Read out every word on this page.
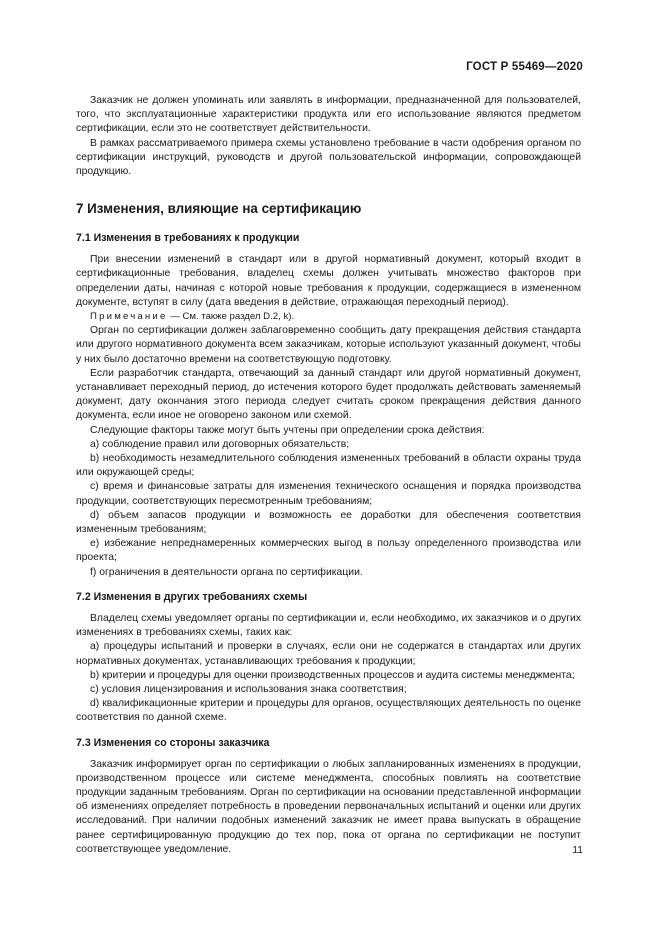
ГОСТ Р 55469—2020

Заказчик не должен упоминать или заявлять в информации, предназначенной для пользователей, того, что эксплуатационные характеристики продукта или его использование являются предметом сертификации, если это не соответствует действительности.

В рамках рассматриваемого примера схемы установлено требование в части одобрения органом по сертификации инструкций, руководств и другой пользовательской информации, сопровождающей продукцию.

7 Изменения, влияющие на сертификацию
7.1 Изменения в требованиях к продукции

При внесении изменений в стандарт или в другой нормативный документ, который входит в сертификационные требования, владелец схемы должен учитывать множество факторов при определении даты, начиная с которой новые требования к продукции, содержащиеся в измененном документе, вступят в силу (дата введения в действие, отражающая переходный период).

Примечание — См. также раздел D.2, k).

Орган по сертификации должен заблаговременно сообщить дату прекращения действия стандарта или другого нормативного документа всем заказчикам, которые используют указанный документ, чтобы у них было достаточно времени на соответствующую подготовку.

Если разработчик стандарта, отвечающий за данный стандарт или другой нормативный документ, устанавливает переходный период, до истечения которого будет продолжать действовать заменяемый документ, дату окончания этого периода следует считать сроком прекращения действия данного документа, если иное не оговорено законом или схемой.

Следующие факторы также могут быть учтены при определении срока действия:

a) соблюдение правил или договорных обязательств;

b) необходимость незамедлительного соблюдения измененных требований в области охраны труда или окружающей среды;

c) время и финансовые затраты для изменения технического оснащения и порядка производства продукции, соответствующих пересмотренным требованиям;

d) объем запасов продукции и возможность ее доработки для обеспечения соответствия измененным требованиям;

e) избежание непреднамеренных коммерческих выгод в пользу определенного производства или проекта;

f) ограничения в деятельности органа по сертификации.

7.2 Изменения в других требованиях схемы

Владелец схемы уведомляет органы по сертификации и, если необходимо, их заказчиков и о других изменениях в требованиях схемы, таких как:

a) процедуры испытаний и проверки в случаях, если они не содержатся в стандартах или других нормативных документах, устанавливающих требования к продукции;

b) критерии и процедуры для оценки производственных процессов и аудита системы менеджмента;

c) условия лицензирования и использования знака соответствия;

d) квалификационные критерии и процедуры для органов, осуществляющих деятельность по оценке соответствия по данной схеме.

7.3 Изменения со стороны заказчика

Заказчик информирует орган по сертификации о любых запланированных изменениях в продукции, производственном процессе или системе менеджмента, способных повлиять на соответствие продукции заданным требованиям. Орган по сертификации на основании представленной информации об изменениях определяет потребность в проведении первоначальных испытаний и оценки или других исследований. При наличии подобных изменений заказчик не имеет права выпускать в обращение ранее сертифицированную продукцию до тех пор, пока от органа по сертификации не поступит соответствующее уведомление.	11
